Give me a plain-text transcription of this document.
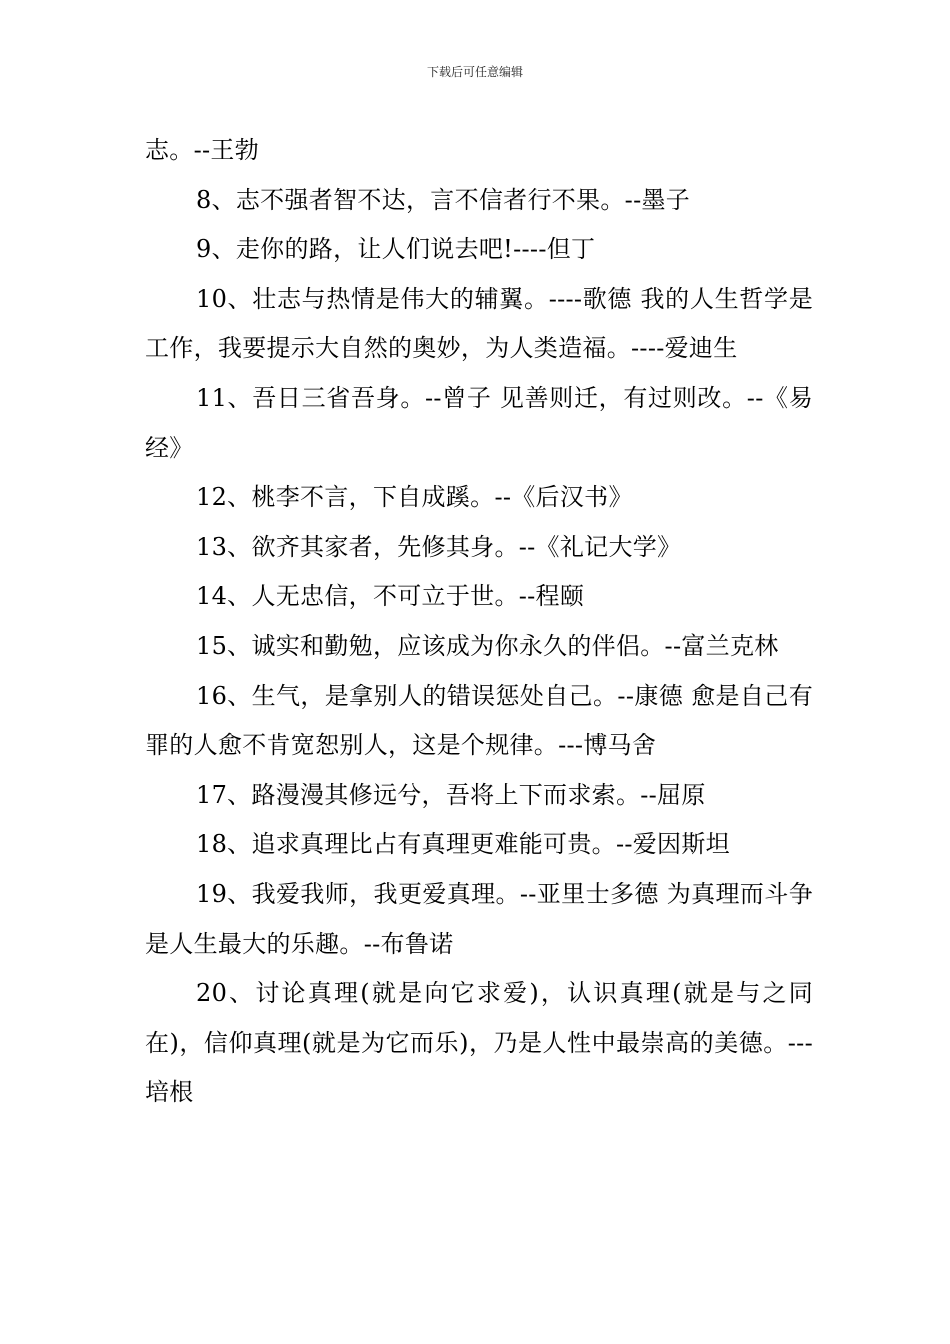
下载后可任意编辑

志。--王勃

8、志不强者智不达，言不信者行不果。--墨子

9、走你的路，让人们说去吧!----但丁

10、壮志与热情是伟大的辅翼。----歌德 我的人生哲学是工作，我要提示大自然的奥妙，为人类造福。----爱迪生

11、吾日三省吾身。--曾子 见善则迁，有过则改。--《易经》

12、桃李不言，下自成蹊。--《后汉书》

13、欲齐其家者，先修其身。--《礼记大学》

14、人无忠信，不可立于世。--程颐

15、诚实和勤勉，应该成为你永久的伴侣。--富兰克林

16、生气，是拿别人的错误惩处自己。--康德 愈是自己有罪的人愈不肯宽恕别人，这是个规律。---博马舍

17、路漫漫其修远兮，吾将上下而求索。--屈原

18、追求真理比占有真理更难能可贵。--爱因斯坦

19、我爱我师，我更爱真理。--亚里士多德 为真理而斗争是人生最大的乐趣。--布鲁诺

20、讨论真理(就是向它求爱)，认识真理(就是与之同在)，信仰真理(就是为它而乐)，乃是人性中最崇高的美德。---培根
